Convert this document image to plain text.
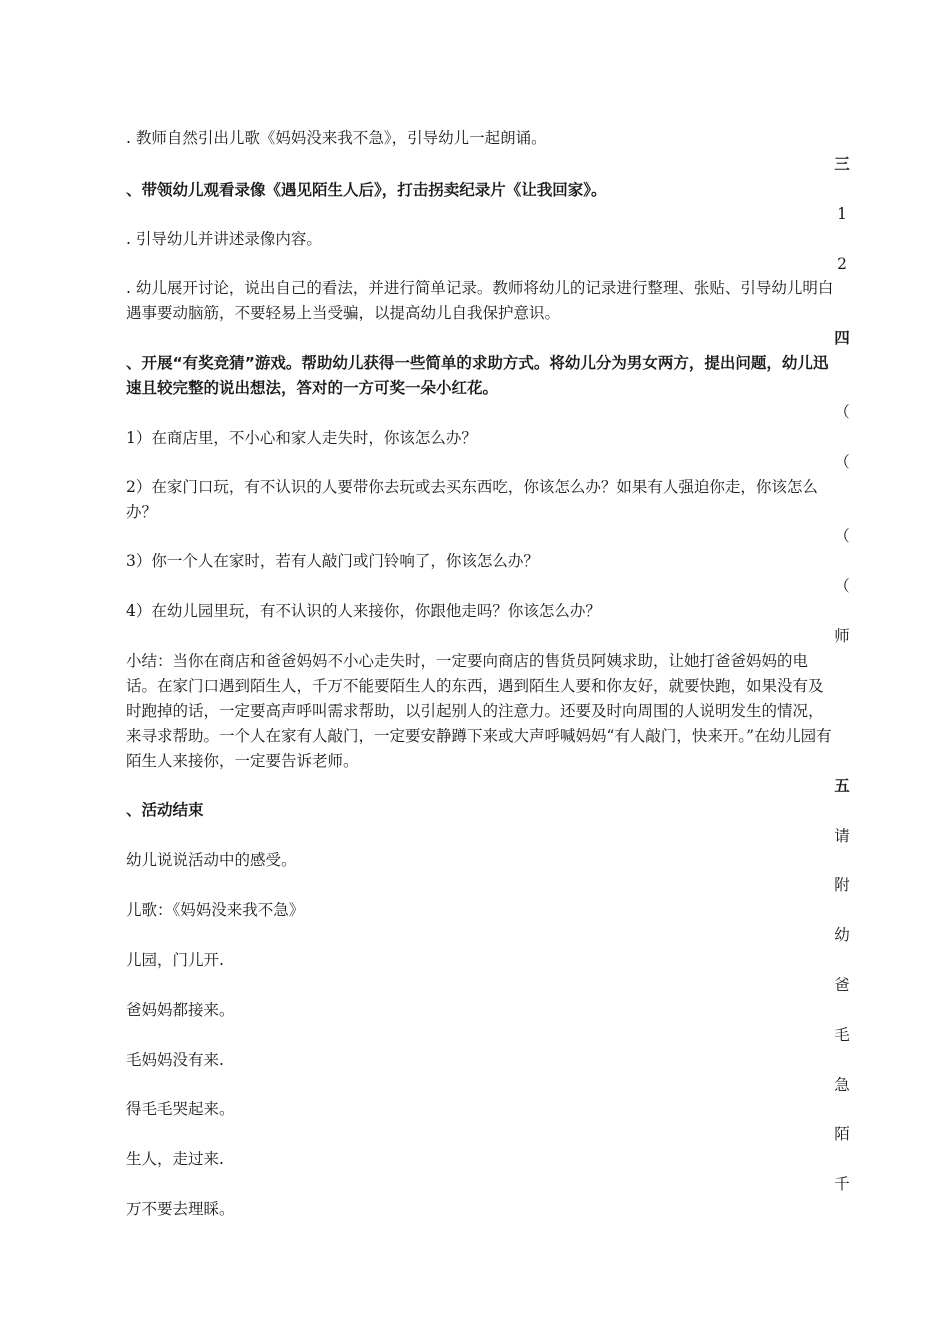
. 教师自然引出儿歌《妈妈没来我不急》，引导幼儿一起朗诵。
、带领幼儿观看录像《遇见陌生人后》，打击拐卖纪录片《让我回家》。
. 引导幼儿并讲述录像内容。
. 幼儿展开讨论，说出自己的看法，并进行简单记录。教师将幼儿的记录进行整理、张贴、引导幼儿明白遇事要动脑筋，不要轻易上当受骗，以提高幼儿自我保护意识。
、开展“有奖竞猜”游戏。帮助幼儿获得一些简单的求助方式。将幼儿分为男女两方，提出问题，幼儿迅速且较完整的说出想法，答对的一方可奖一朵小红花。
1）在商店里，不小心和家人走失时，你该怎么办？
2）在家门口玩，有不认识的人要带你去玩或去买东西吃，你该怎么办？如果有人强迫你走，你该怎么办？
3）你一个人在家时，若有人敲门或门铃响了，你该怎么办？
4）在幼儿园里玩，有不认识的人来接你，你跟他走吗？你该怎么办？
小结：当你在商店和爸爸妈妈不小心走失时，一定要向商店的售货员阿姨求助，让她打爸爸妈妈的电话。在家门口遇到陌生人，千万不能要陌生人的东西，遇到陌生人要和你友好，就要快跑，如果没有及时跑掉的话，一定要高声呼叫需求帮助，以引起别人的注意力。还要及时向周围的人说明发生的情况，来寻求帮助。一个人在家有人敲门，一定要安静蹲下来或大声呼喊妈妈“有人敲门，快来开。”在幼儿园有陌生人来接你，一定要告诉老师。
、活动结束
幼儿说说活动中的感受。
儿歌：《妈妈没来我不急》
儿园，门儿开.
爸妈妈都接来。
毛妈妈没有来.
得毛毛哭起来。
生人，走过来.
万不要去理睬。
三
1
2
四
（
（
（
（
师
五
请
附
幼
爸
毛
急
陌
千
